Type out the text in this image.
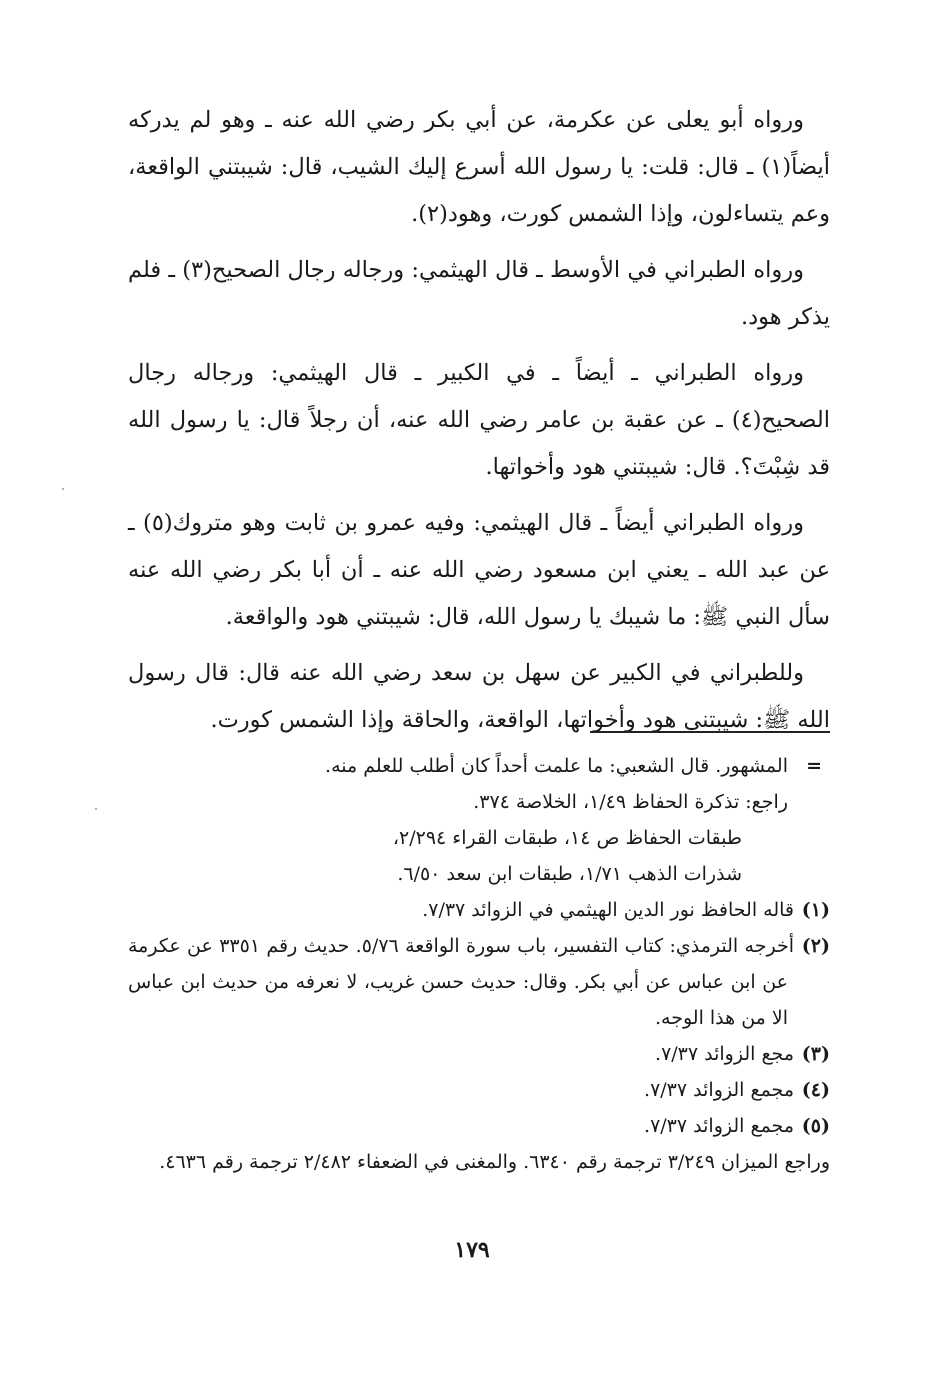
ورواه أبو يعلى عن عكرمة، عن أبي بكر رضي الله عنه ـ وهو لم يدركه أيضاً(١) ـ قال: قلت: يا رسول الله أسرع إليك الشيب، قال: شيبتني الواقعة، وعم يتساءلون، وإذا الشمس كورت، وهود(٢).

ورواه الطبراني في الأوسط ـ قال الهيثمي: ورجاله رجال الصحيح(٣) ـ فلم يذكر هود.

ورواه الطبراني ـ أيضاً ـ في الكبير ـ قال الهيثمي: ورجاله رجال الصحيح(٤) ـ عن عقبة بن عامر رضي الله عنه، أن رجلاً قال: يا رسول الله قد شِبْتَ؟. قال: شيبتني هود وأخواتها.

ورواه الطبراني أيضاً ـ قال الهيثمي: وفيه عمرو بن ثابت وهو متروك(٥) ـ عن عبد الله ـ يعني ابن مسعود رضي الله عنه ـ أن أبا بكر رضي الله عنه سأل النبي ﷺ: ما شيبك يا رسول الله، قال: شيبتني هود والواقعة.

وللطبراني في الكبير عن سهل بن سعد رضي الله عنه قال: قال رسول الله ﷺ: شيبتني هود وأخواتها، الواقعة، والحاقة وإذا الشمس كورت.

=
المشهور. قال الشعبي: ما علمت أحداً كان أطلب للعلم منه.
راجع: تذكرة الحفاظ ١/٤٩، الخلاصة ٣٧٤.
طبقات الحفاظ ص ١٤، طبقات القراء ٢/٢٩٤،
شذرات الذهب ١/٧١، طبقات ابن سعد ٦/٥٠.
(١)قاله الحافظ نور الدين الهيثمي في الزوائد ٧/٣٧.
(٢)أخرجه الترمذي: كتاب التفسير، باب سورة الواقعة ٥/٧٦. حديث رقم ٣٣٥١ عن عكرمة عن ابن عباس عن أبي بكر. وقال: حديث حسن غريب، لا نعرفه من حديث ابن عباس الا من هذا الوجه.
(٣)مجع الزوائد ٧/٣٧.
(٤)مجمع الزوائد ٧/٣٧.
(٥)مجمع الزوائد ٧/٣٧.
وراجع الميزان ٣/٢٤٩ ترجمة رقم ٦٣٤٠. والمغنى في الضعفاء ٢/٤٨٢ ترجمة رقم ٤٦٣٦.
١٧٩
